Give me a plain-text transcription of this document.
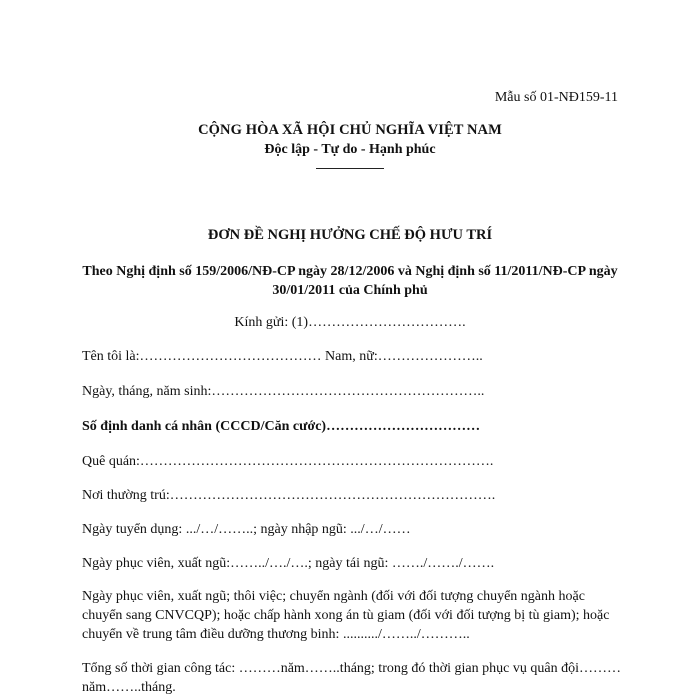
Mẫu số 01-NĐ159-11
CỘNG HÒA XÃ HỘI CHỦ NGHĨA VIỆT NAM
Độc lập - Tự do - Hạnh phúc
ĐƠN ĐỀ NGHỊ HƯỞNG CHẾ ĐỘ HƯU TRÍ
Theo Nghị định số 159/2006/NĐ-CP ngày 28/12/2006 và Nghị định số 11/2011/NĐ-CP ngày 30/01/2011 của Chính phủ
Kính gửi: (1)…………………………….
Tên tôi là:………………………………… Nam, nữ:…………………..
Ngày, tháng, năm sinh:…………………………………………………..
Số định danh cá nhân (CCCD/Căn cước)……………………………
Quê quán:………………………………………………………………….
Nơi thường trú:…………………………………………………………….
Ngày tuyển dụng: .../…/……..; ngày nhập ngũ: .../…/……
Ngày phục viên, xuất ngũ:……../…./….; ngày tái ngũ: ……./……./…….
Ngày phục viên, xuất ngũ; thôi việc; chuyển ngành (đối với đối tượng chuyển ngành hoặc chuyển sang CNVCQP); hoặc chấp hành xong án tù giam (đối với đối tượng bị tù giam); hoặc chuyển về trung tâm điều dưỡng thương binh: ........../……../………..
Tổng số thời gian công tác: ………năm……..tháng; trong đó thời gian phục vụ quân đội………năm……..tháng.
